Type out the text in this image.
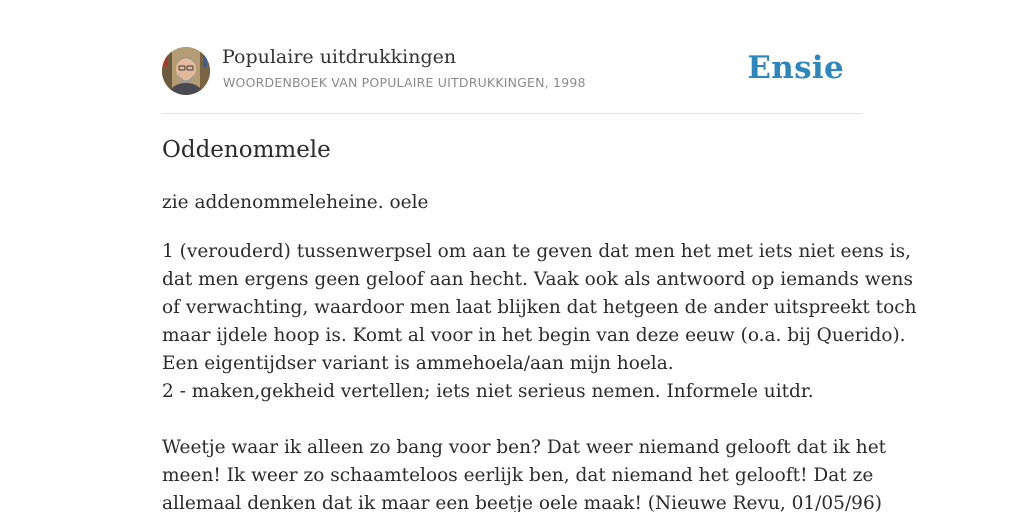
Populaire uitdrukkingen
WOORDENBOEK VAN POPULAIRE UITDRUKKINGEN, 1998	Ensie
Oddenommele
zie addenommeleheine. oele
1 (verouderd) tussenwerpsel om aan te geven dat men het met iets niet eens is,
dat men ergens geen geloof aan hecht. Vaak ook als antwoord op iemands wens
of verwachting, waardoor men laat blijken dat hetgeen de ander uitspreekt toch
maar ijdele hoop is. Komt al voor in het begin van deze eeuw (o.a. bij Querido).
Een eigentijdser variant is ammehoela/aan mijn hoela.
2 - maken,gekheid vertellen; iets niet serieus nemen. Informele uitdr.
Weetje waar ik alleen zo bang voor ben? Dat weer niemand gelooft dat ik het
meen! Ik weer zo schaamteloos eerlijk ben, dat niemand het gelooft! Dat ze
allemaal denken dat ik maar een beetje oele maak! (Nieuwe Revu, 01/05/96)
